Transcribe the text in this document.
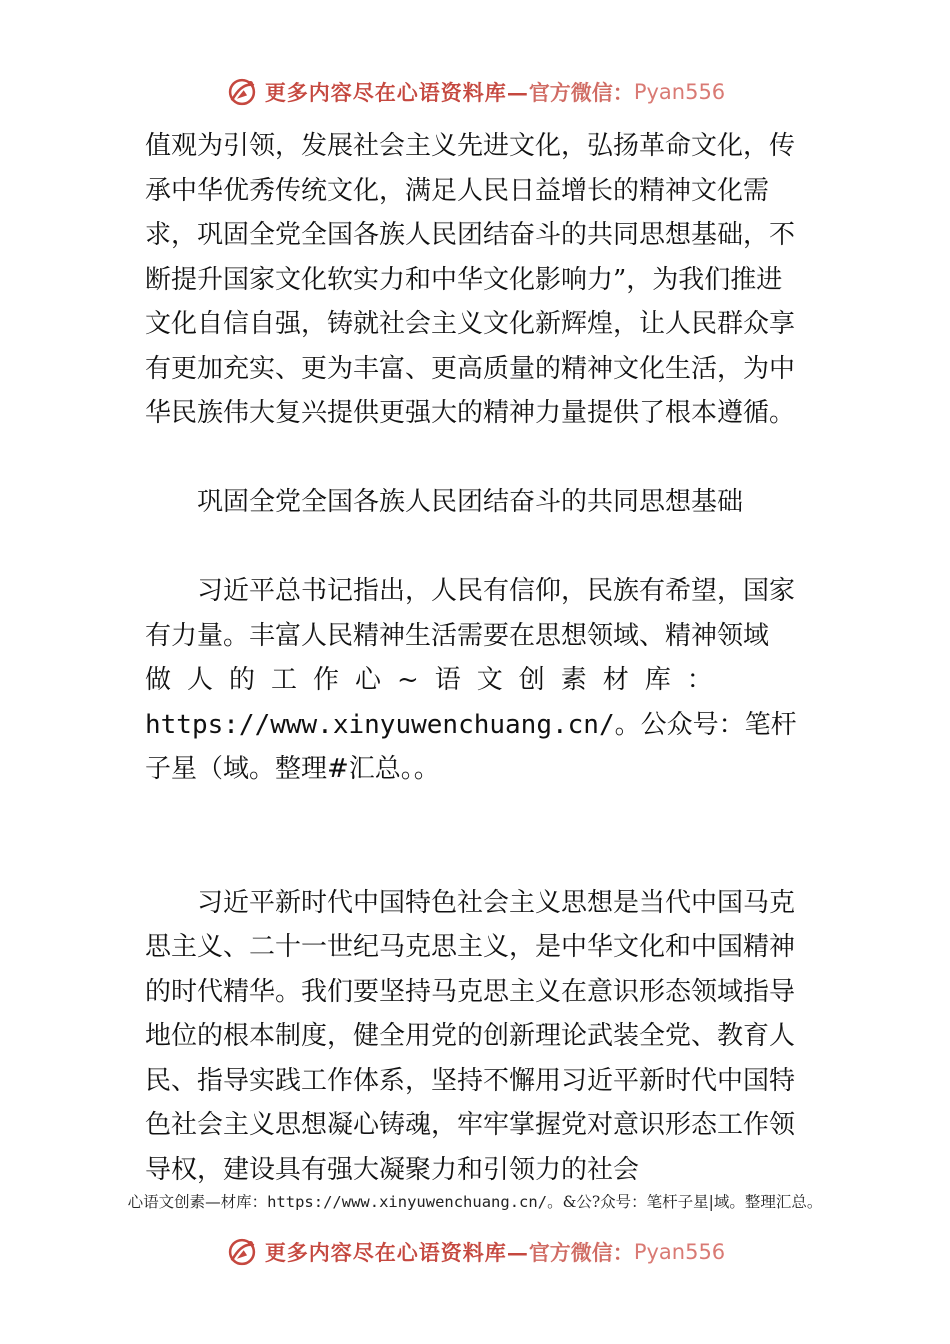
更多内容尽在心语资料库 — 官方微信： Pyan556

值观为引领，发展社会主义先进文化，弘扬革命文化，传承中华优秀传统文化，满足人民日益增长的精神文化需求，巩固全党全国各族人民团结奋斗的共同思想基础，不断提升国家文化软实力和中华文化影响力”，为我们推进文化自信自强，铸就社会主义文化新辉煌，让人民群众享有更加充实、更为丰富、更高质量的精神文化生活，为中华民族伟大复兴提供更强大的精神力量提供了根本遵循。

巩固全党全国各族人民团结奋斗的共同思想基础

习近平总书记指出，人民有信仰，民族有希望，国家有力量。丰富人民精神生活需要在思想领域、精神领域做人的工作心~语文创素材库：https://www.xinyuwenchuang.cn/。公众号：笔杆子星（域。整理#汇总。。

习近平新时代中国特色社会主义思想是当代中国马克思主义、二十一世纪马克思主义，是中华文化和中国精神的时代精华。我们要坚持马克思主义在意识形态领域指导地位的根本制度，健全用党的创新理论武装全党、教育人民、指导实践工作体系，坚持不懈用习近平新时代中国特色社会主义思想凝心铸魂，牢牢掌握党对意识形态工作领导权，建设具有强大凝聚力和引领力的社会

心语文创素—材库：https://www.xinyuwenchuang.cn/。&公?众号：笔杆子星|域。整理汇总。
更多内容尽在心语资料库 — 官方微信： Pyan556
